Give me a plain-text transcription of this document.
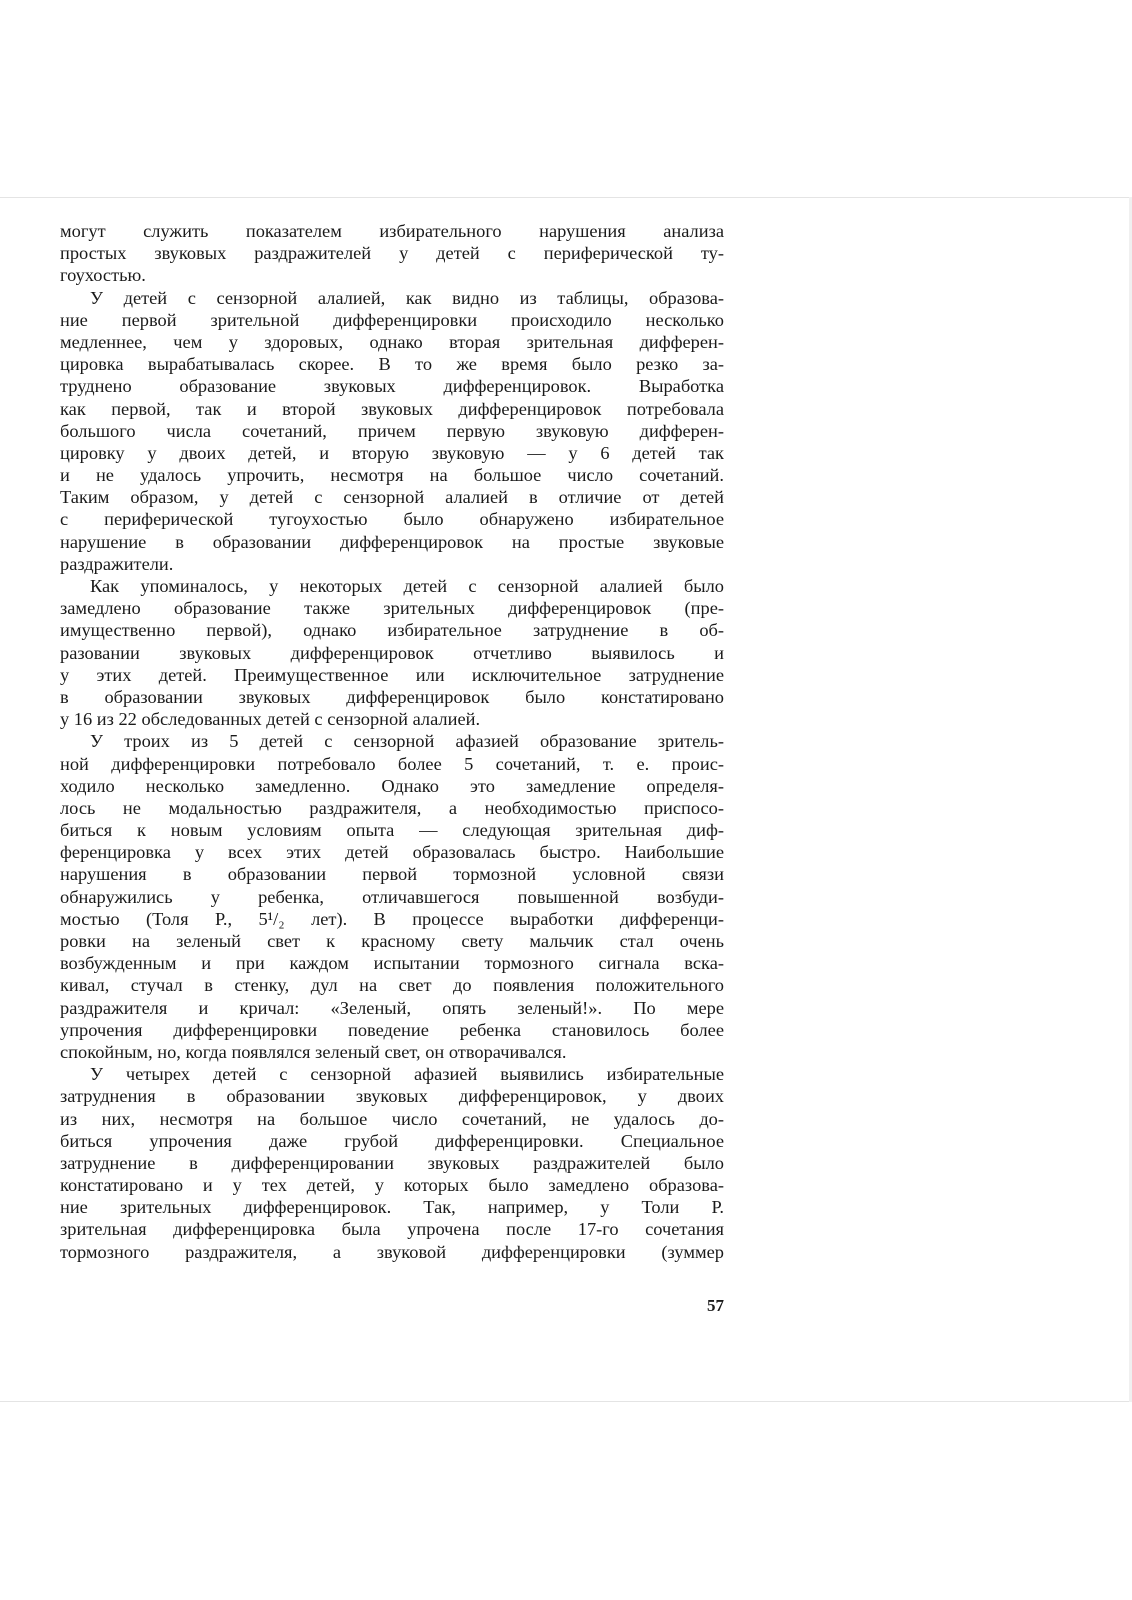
могут служить показателем избирательного нарушения анализа
простых звуковых раздражителей у детей с периферической ту-
гоухостью.
У детей с сензорной алалией, как видно из таблицы, образова-
ние первой зрительной дифференцировки происходило несколько
медленнее, чем у здоровых, однако вторая зрительная дифферен-
цировка вырабатывалась скорее. В то же время было резко за-
труднено образование звуковых дифференцировок. Выработка
как первой, так и второй звуковых дифференцировок потребовала
большого числа сочетаний, причем первую звуковую дифферен-
цировку у двоих детей, и вторую звуковую — у 6 детей так
и не удалось упрочить, несмотря на большое число сочетаний.
Таким образом, у детей с сензорной алалией в отличие от детей
с периферической тугоухостью было обнаружено избирательное
нарушение в образовании дифференцировок на простые звуковые
раздражители.
Как упоминалось, у некоторых детей с сензорной алалией было
замедлено образование также зрительных дифференцировок (пре-
имущественно первой), однако избирательное затруднение в об-
разовании звуковых дифференцировок отчетливо выявилось и
у этих детей. Преимущественное или исключительное затруднение
в образовании звуковых дифференцировок было констатировано
у 16 из 22 обследованных детей с сензорной алалией.
У троих из 5 детей с сензорной афазией образование зритель-
ной дифференцировки потребовало более 5 сочетаний, т. е. проис-
ходило несколько замедленно. Однако это замедление определя-
лось не модальностью раздражителя, а необходимостью приспосо-
биться к новым условиям опыта — следующая зрительная диф-
ференцировка у всех этих детей образовалась быстро. Наибольшие
нарушения в образовании первой тормозной условной связи
обнаружились у ребенка, отличавшегося повышенной возбуди-
мостью (Толя Р., 5¹/₂ лет). В процессе выработки дифференци-
ровки на зеленый свет к красному свету мальчик стал очень
возбужденным и при каждом испытании тормозного сигнала вска-
кивал, стучал в стенку, дул на свет до появления положительного
раздражителя и кричал: «Зеленый, опять зеленый!». По мере
упрочения дифференцировки поведение ребенка становилось более
спокойным, но, когда появлялся зеленый свет, он отворачивался.
У четырех детей с сензорной афазией выявились избирательные
затруднения в образовании звуковых дифференцировок, у двоих
из них, несмотря на большое число сочетаний, не удалось до-
биться упрочения даже грубой дифференцировки. Специальное
затруднение в дифференцировании звуковых раздражителей было
констатировано и у тех детей, у которых было замедлено образова-
ние зрительных дифференцировок. Так, например, у Толи Р.
зрительная дифференцировка была упрочена после 17-го сочетания
тормозного раздражителя, а звуковой дифференцировки (зуммер
57
